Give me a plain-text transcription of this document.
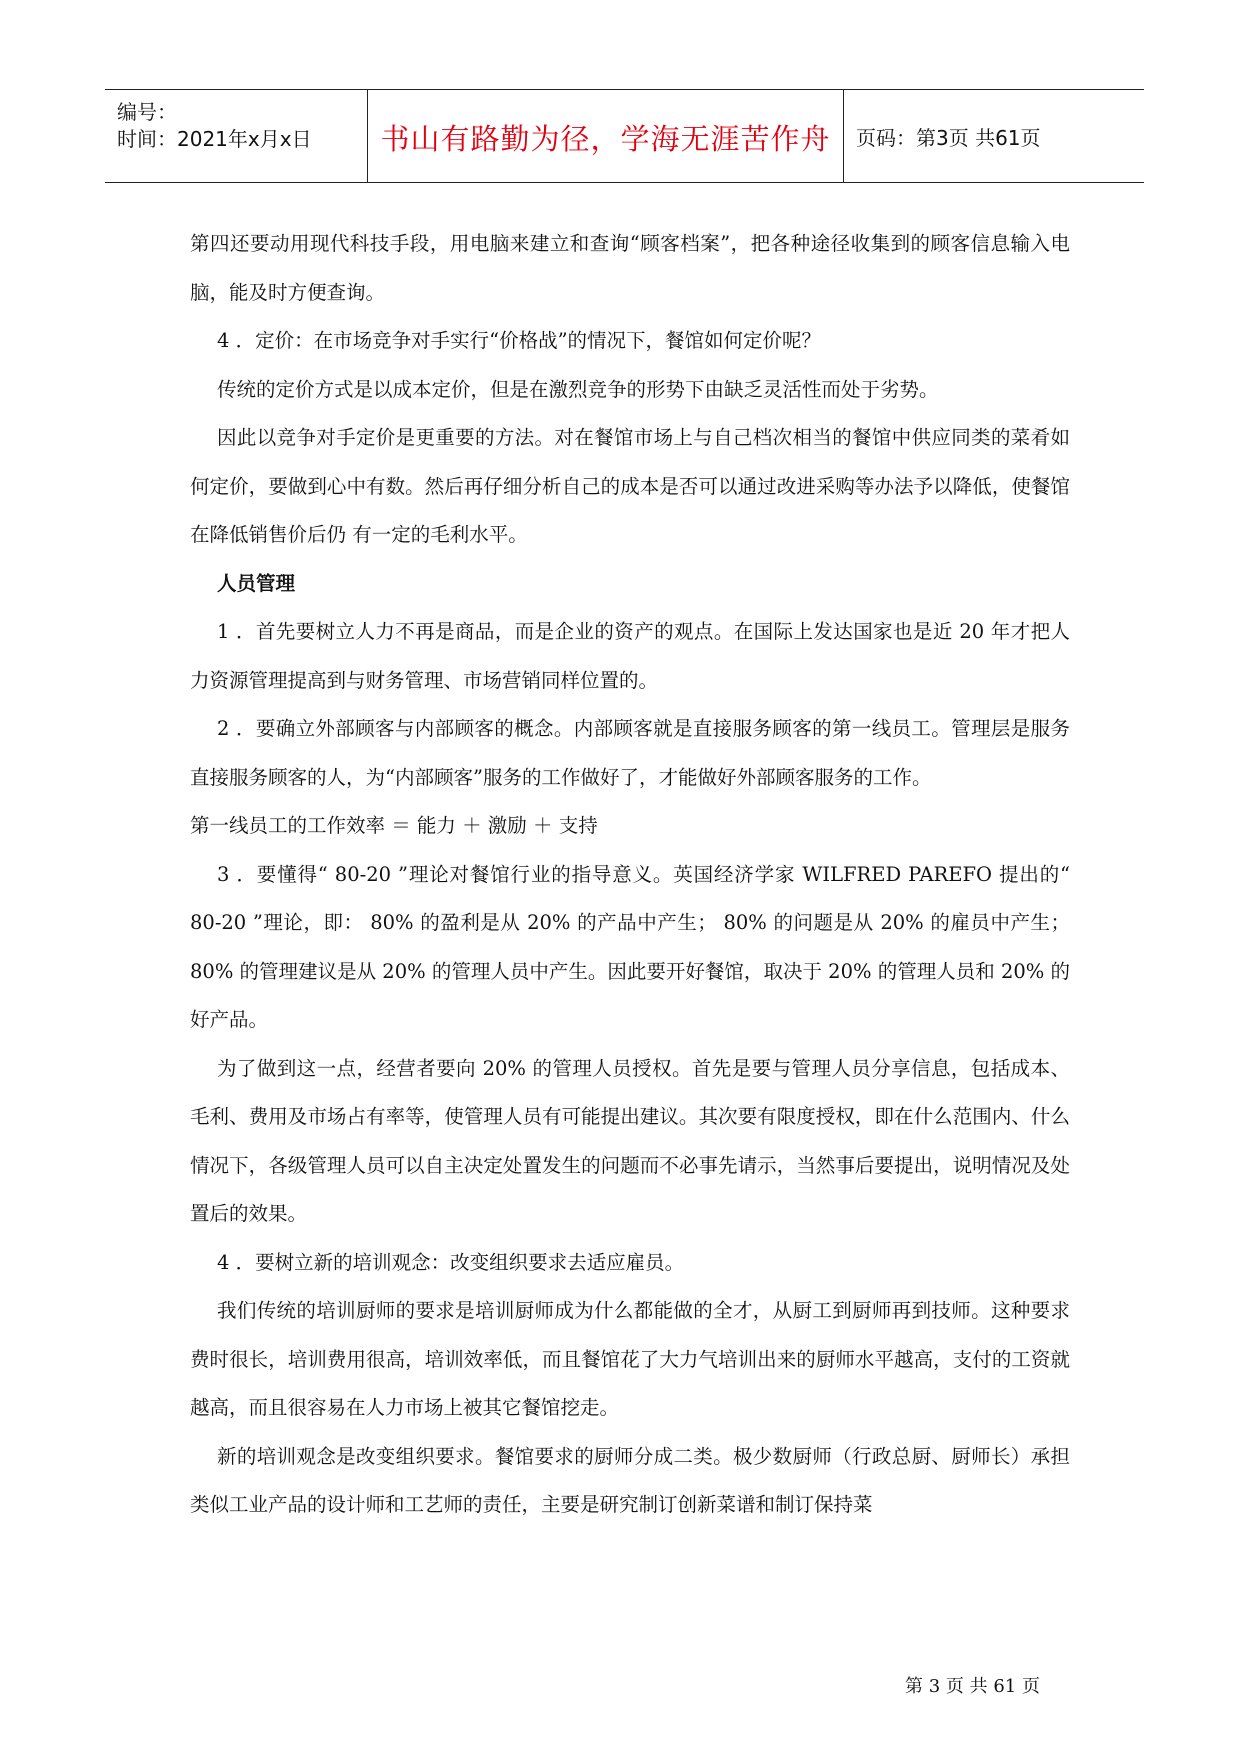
编号：
时间：2021年x月x日	书山有路勤为径，学海无涯苦作舟	页码：第3页 共61页

第四还要动用现代科技手段，用电脑来建立和查询“顾客档案”，把各种途径收集到的顾客信息输入电脑，能及时方便查询。

4 ．定价：在市场竞争对手实行“价格战”的情况下，餐馆如何定价呢？

传统的定价方式是以成本定价，但是在激烈竞争的形势下由缺乏灵活性而处于劣势。

因此以竞争对手定价是更重要的方法。对在餐馆市场上与自己档次相当的餐馆中供应同类的菜肴如何定价，要做到心中有数。然后再仔细分析自己的成本是否可以通过改进采购等办法予以降低，使餐馆在降低销售价后仍 有一定的毛利水平。

人员管理

1 ．首先要树立人力不再是商品，而是企业的资产的观点。在国际上发达国家也是近 20 年才把人力资源管理提高到与财务管理、市场营销同样位置的。

2 ．要确立外部顾客与内部顾客的概念。内部顾客就是直接服务顾客的第一线员工。管理层是服务直接服务顾客的人，为“内部顾客”服务的工作做好了，才能做好外部顾客服务的工作。

第一线员工的工作效率 ＝ 能力 ＋ 激励 ＋ 支持

3 ．要懂得“ 80-20 ”理论对餐馆行业的指导意义。英国经济学家 WILFRED PAREFO 提出的“ 80-20 ”理论，即： 80% 的盈利是从 20% 的产品中产生； 80% 的问题是从 20% 的雇员中产生； 80% 的管理建议是从 20% 的管理人员中产生。因此要开好餐馆，取决于 20% 的管理人员和 20% 的好产品。

为了做到这一点，经营者要向 20% 的管理人员授权。首先是要与管理人员分享信息，包括成本、毛利、费用及市场占有率等，使管理人员有可能提出建议。其次要有限度授权，即在什么范围内、什么情况下，各级管理人员可以自主决定处置发生的问题而不必事先请示，当然事后要提出，说明情况及处置后的效果。

4 ．要树立新的培训观念：改变组织要求去适应雇员。

我们传统的培训厨师的要求是培训厨师成为什么都能做的全才，从厨工到厨师再到技师。这种要求费时很长，培训费用很高，培训效率低，而且餐馆花了大力气培训出来的厨师水平越高，支付的工资就越高，而且很容易在人力市场上被其它餐馆挖走。

新的培训观念是改变组织要求。餐馆要求的厨师分成二类。极少数厨师（行政总厨、厨师长）承担类似工业产品的设计师和工艺师的责任，主要是研究制订创新菜谱和制订保持菜

第 3 页 共 61 页
